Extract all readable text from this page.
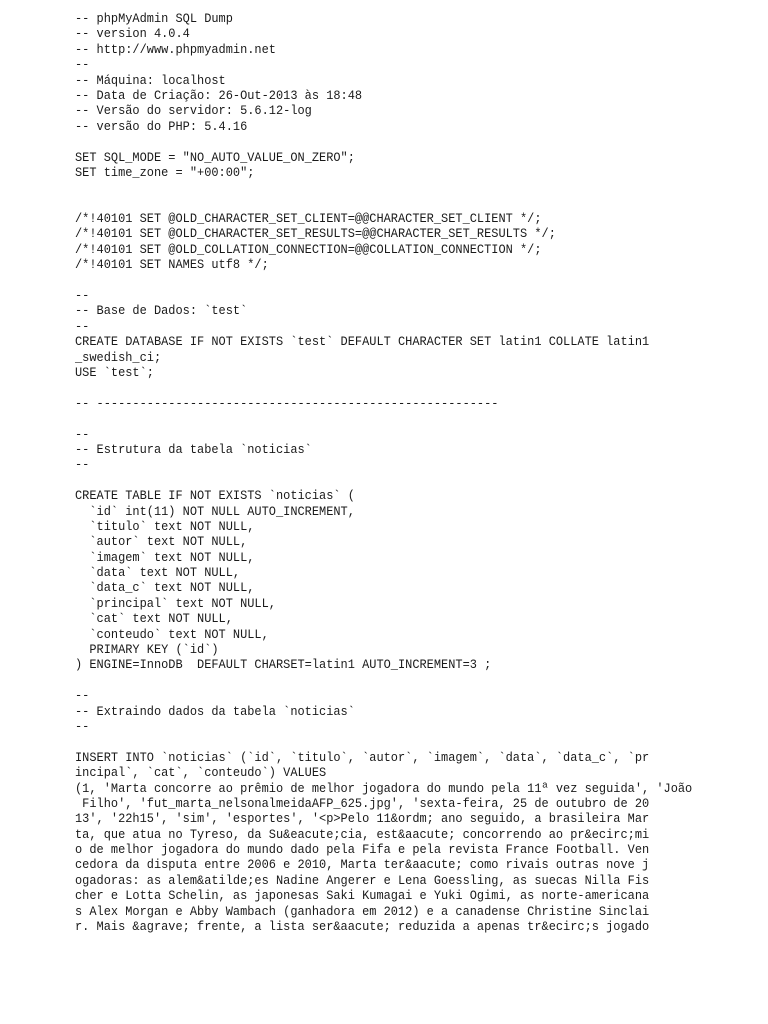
-- phpMyAdmin SQL Dump
-- version 4.0.4
-- http://www.phpmyadmin.net
--
-- Máquina: localhost
-- Data de Criação: 26-Out-2013 às 18:48
-- Versão do servidor: 5.6.12-log
-- versão do PHP: 5.4.16
SET SQL_MODE = "NO_AUTO_VALUE_ON_ZERO";
SET time_zone = "+00:00";
/*!40101 SET @OLD_CHARACTER_SET_CLIENT=@@CHARACTER_SET_CLIENT */;
/*!40101 SET @OLD_CHARACTER_SET_RESULTS=@@CHARACTER_SET_RESULTS */;
/*!40101 SET @OLD_COLLATION_CONNECTION=@@COLLATION_CONNECTION */;
/*!40101 SET NAMES utf8 */;
--
-- Base de Dados: `test`
--
CREATE DATABASE IF NOT EXISTS `test` DEFAULT CHARACTER SET latin1 COLLATE latin1
_swedish_ci;
USE `test`;
-- --------------------------------------------------------
--
-- Estrutura da tabela `noticias`
--
CREATE TABLE IF NOT EXISTS `noticias` (
`id` int(11) NOT NULL AUTO_INCREMENT,
`titulo` text NOT NULL,
`autor` text NOT NULL,
`imagem` text NOT NULL,
`data` text NOT NULL,
`data_c` text NOT NULL,
`principal` text NOT NULL,
`cat` text NOT NULL,
`conteudo` text NOT NULL,
PRIMARY KEY (`id`)
) ENGINE=InnoDB  DEFAULT CHARSET=latin1 AUTO_INCREMENT=3 ;
--
-- Extraindo dados da tabela `noticias`
--
INSERT INTO `noticias` (`id`, `titulo`, `autor`, `imagem`, `data`, `data_c`, `pr
incipal`, `cat`, `conteudo`) VALUES
(1, 'Marta concorre ao prêmio de melhor jogadora do mundo pela 11ª vez seguida', 'João
Filho', 'fut_marta_nelsonalmeidaAFP_625.jpg', 'sexta-feira, 25 de outubro de 20
13', '22h15', 'sim', 'esportes', '<p>Pelo 11&ordm; ano seguido, a brasileira Mar
ta, que atua no Tyreso, da Su&eacute;cia, est&aacute; concorrendo ao pr&ecirc;mi
o de melhor jogadora do mundo dado pela Fifa e pela revista France Football. Ven
cedora da disputa entre 2006 e 2010, Marta ter&aacute; como rivais outras nove j
ogadoras: as alem&atilde;es Nadine Angerer e Lena Goessling, as suecas Nilla Fis
cher e Lotta Schelin, as japonesas Saki Kumagai e Yuki Ogimi, as norte-americana
s Alex Morgan e Abby Wambach (ganhadora em 2012) e a canadense Christine Sinclai
r. Mais &agrave; frente, a lista ser&aacute; reduzida a apenas tr&ecirc;s jogado
